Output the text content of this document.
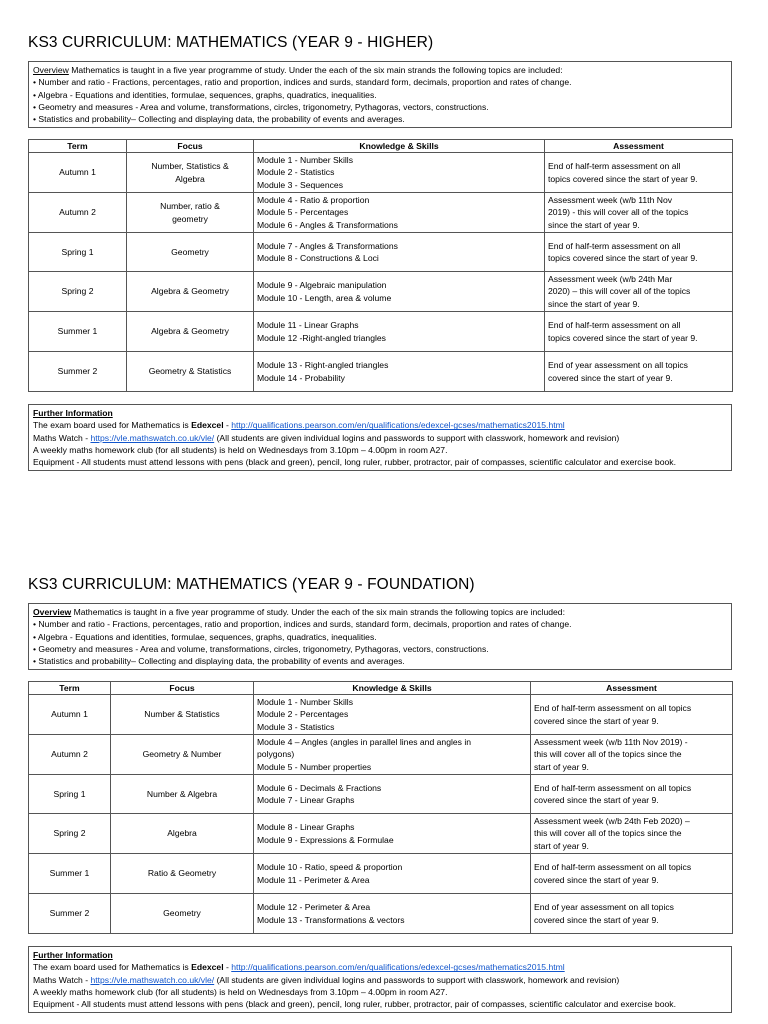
KS3 CURRICULUM: MATHEMATICS (YEAR 9 - HIGHER)
Overview Mathematics is taught in a five year programme of study. Under the each of the six main strands the following topics are included:
• Number and ratio - Fractions, percentages, ratio and proportion, indices and surds, standard form, decimals, proportion and rates of change.
• Algebra - Equations and identities, formulae, sequences, graphs, quadratics, inequalities.
• Geometry and measures - Area and volume, transformations, circles, trigonometry, Pythagoras, vectors, constructions.
• Statistics and probability– Collecting and displaying data, the probability of events and averages.
Term	Focus	Knowledge & Skills	Assessment
Autumn 1	Number, Statistics &
Algebra	Module 1 - Number Skills
Module 2 - Statistics
Module 3 - Sequences	End of half-term assessment on all
topics covered since the start of year 9.

Autumn 2	Number, ratio &
geometry	Module 4 - Ratio & proportion
Module 5 - Percentages
Module 6 - Angles & Transformations	Assessment week (w/b 11th Nov
2019) - this will cover all of the topics
since the start of year 9.

Spring 1	Geometry	Module 7 - Angles & Transformations
Module 8 - Constructions & Loci	End of half-term assessment on all
topics covered since the start of year 9.

Spring 2	Algebra & Geometry	Module 9 - Algebraic manipulation
Module 10 - Length, area & volume	Assessment week (w/b 24th Mar
2020) – this will cover all of the topics
since the start of year 9.

Summer 1	Algebra & Geometry	Module 11 - Linear Graphs
Module 12 -Right-angled triangles	End of half-term assessment on all
topics covered since the start of year 9.

Summer 2	Geometry & Statistics	Module 13 - Right-angled triangles
Module 14 - Probability	End of year assessment on all topics
covered since the start of year 9.
Further Information
The exam board used for Mathematics is Edexcel - http://qualifications.pearson.com/en/qualifications/edexcel-gcses/mathematics2015.html
Maths Watch - https://vle.mathswatch.co.uk/vle/ (All students are given individual logins and passwords to support with classwork, homework and revision)
A weekly maths homework club (for all students) is held on Wednesdays from 3.10pm – 4.00pm in room A27.
Equipment - All students must attend lessons with pens (black and green), pencil, long ruler, rubber, protractor, pair of compasses, scientific calculator and exercise book.
KS3 CURRICULUM: MATHEMATICS (YEAR 9 - FOUNDATION)
Overview Mathematics is taught in a five year programme of study. Under the each of the six main strands the following topics are included:
• Number and ratio - Fractions, percentages, ratio and proportion, indices and surds, standard form, decimals, proportion and rates of change.
• Algebra - Equations and identities, formulae, sequences, graphs, quadratics, inequalities.
• Geometry and measures - Area and volume, transformations, circles, trigonometry, Pythagoras, vectors, constructions.
• Statistics and probability– Collecting and displaying data, the probability of events and averages.
Term	Focus	Knowledge & Skills	Assessment
Autumn 1	Number & Statistics	Module 1 - Number Skills
Module 2 - Percentages
Module 3 - Statistics	End of half-term assessment on all topics
covered since the start of year 9.

Autumn 2	Geometry & Number	Module 4 – Angles (angles in parallel lines and angles in
polygons)
Module 5 - Number properties	Assessment week (w/b 11th Nov 2019) -
this will cover all of the topics since the
start of year 9.

Spring 1	Number & Algebra	Module 6 - Decimals & Fractions
Module 7 - Linear Graphs	End of half-term assessment on all topics
covered since the start of year 9.

Spring 2	Algebra	Module 8 - Linear Graphs
Module 9 - Expressions & Formulae	Assessment week (w/b 24th Feb 2020) –
this will cover all of the topics since the
start of year 9.

Summer 1	Ratio & Geometry	Module 10 - Ratio, speed & proportion
Module 11 - Perimeter & Area	End of half-term assessment on all topics
covered since the start of year 9.

Summer 2	Geometry	Module 12 - Perimeter & Area
Module 13 - Transformations & vectors	End of year assessment on all topics
covered since the start of year 9.
Further Information
The exam board used for Mathematics is Edexcel - http://qualifications.pearson.com/en/qualifications/edexcel-gcses/mathematics2015.html
Maths Watch - https://vle.mathswatch.co.uk/vle/ (All students are given individual logins and passwords to support with classwork, homework and revision)
A weekly maths homework club (for all students) is held on Wednesdays from 3.10pm – 4.00pm in room A27.
Equipment - All students must attend lessons with pens (black and green), pencil, long ruler, rubber, protractor, pair of compasses, scientific calculator and exercise book.
